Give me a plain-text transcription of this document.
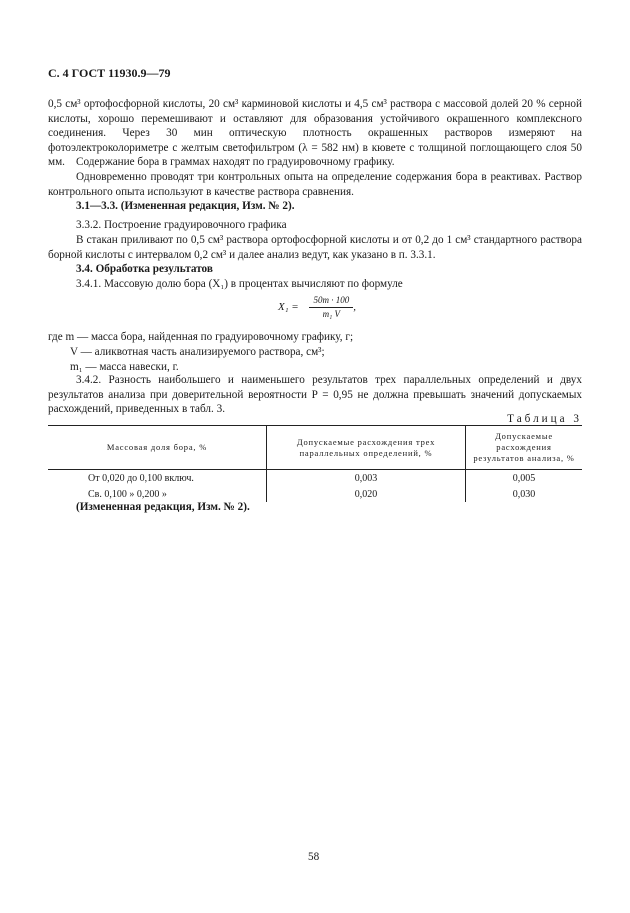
С. 4 ГОСТ 11930.9—79
0,5 см³ ортофосфорной кислоты, 20 см³ карминовой кислоты и 4,5 см³ раствора с массовой долей 20 % серной кислоты, хорошо перемешивают и оставляют для образования устойчивого окрашенного комплексного соединения. Через 30 мин оптическую плотность окрашенных растворов измеряют на фотоэлектроколориметре с желтым светофильтром (λ = 582 нм) в кювете с толщиной поглощающего слоя 50 мм. Содержание бора в граммах находят по градуировочному графику.
Одновременно проводят три контрольных опыта на определение содержания бора в реактивах. Раствор контрольного опыта используют в качестве раствора сравнения.
3.1—3.3. (Измененная редакция, Изм. № 2).
3.3.2. Построение градуировочного графика
В стакан приливают по 0,5 см³ раствора ортофосфорной кислоты и от 0,2 до 1 см³ стандартного раствора борной кислоты с интервалом 0,2 см³ и далее анализ ведут, как указано в п. 3.3.1.
3.4. Обработка результатов
3.4.1. Массовую долю бора (X₁) в процентах вычисляют по формуле
$X_1 = \frac{50m \cdot 100}{\text{m₁ V}}$ ,
где m — масса бора, найденная по градуировочному графику, г;
V — аликвотная часть анализируемого раствора, см³;
m₁ — масса навески, г.
3.4.2. Разность наибольшего и наименьшего результатов трех параллельных определений и двух результатов анализа при доверительной вероятности P = 0,95 не должна превышать значений допускаемых расхождений, приведенных в табл. 3.
Таблица 3
Массовая доля бора, %	Допускаемые расхождения трех параллельных определений, %	Допускаемые расхождения результатов анализа, %
От 0,020 до 0,100 включ.	0,003	0,005
Св. 0,100 » 0,200 »	0,020	0,030
(Измененная редакция, Изм. № 2).
58
